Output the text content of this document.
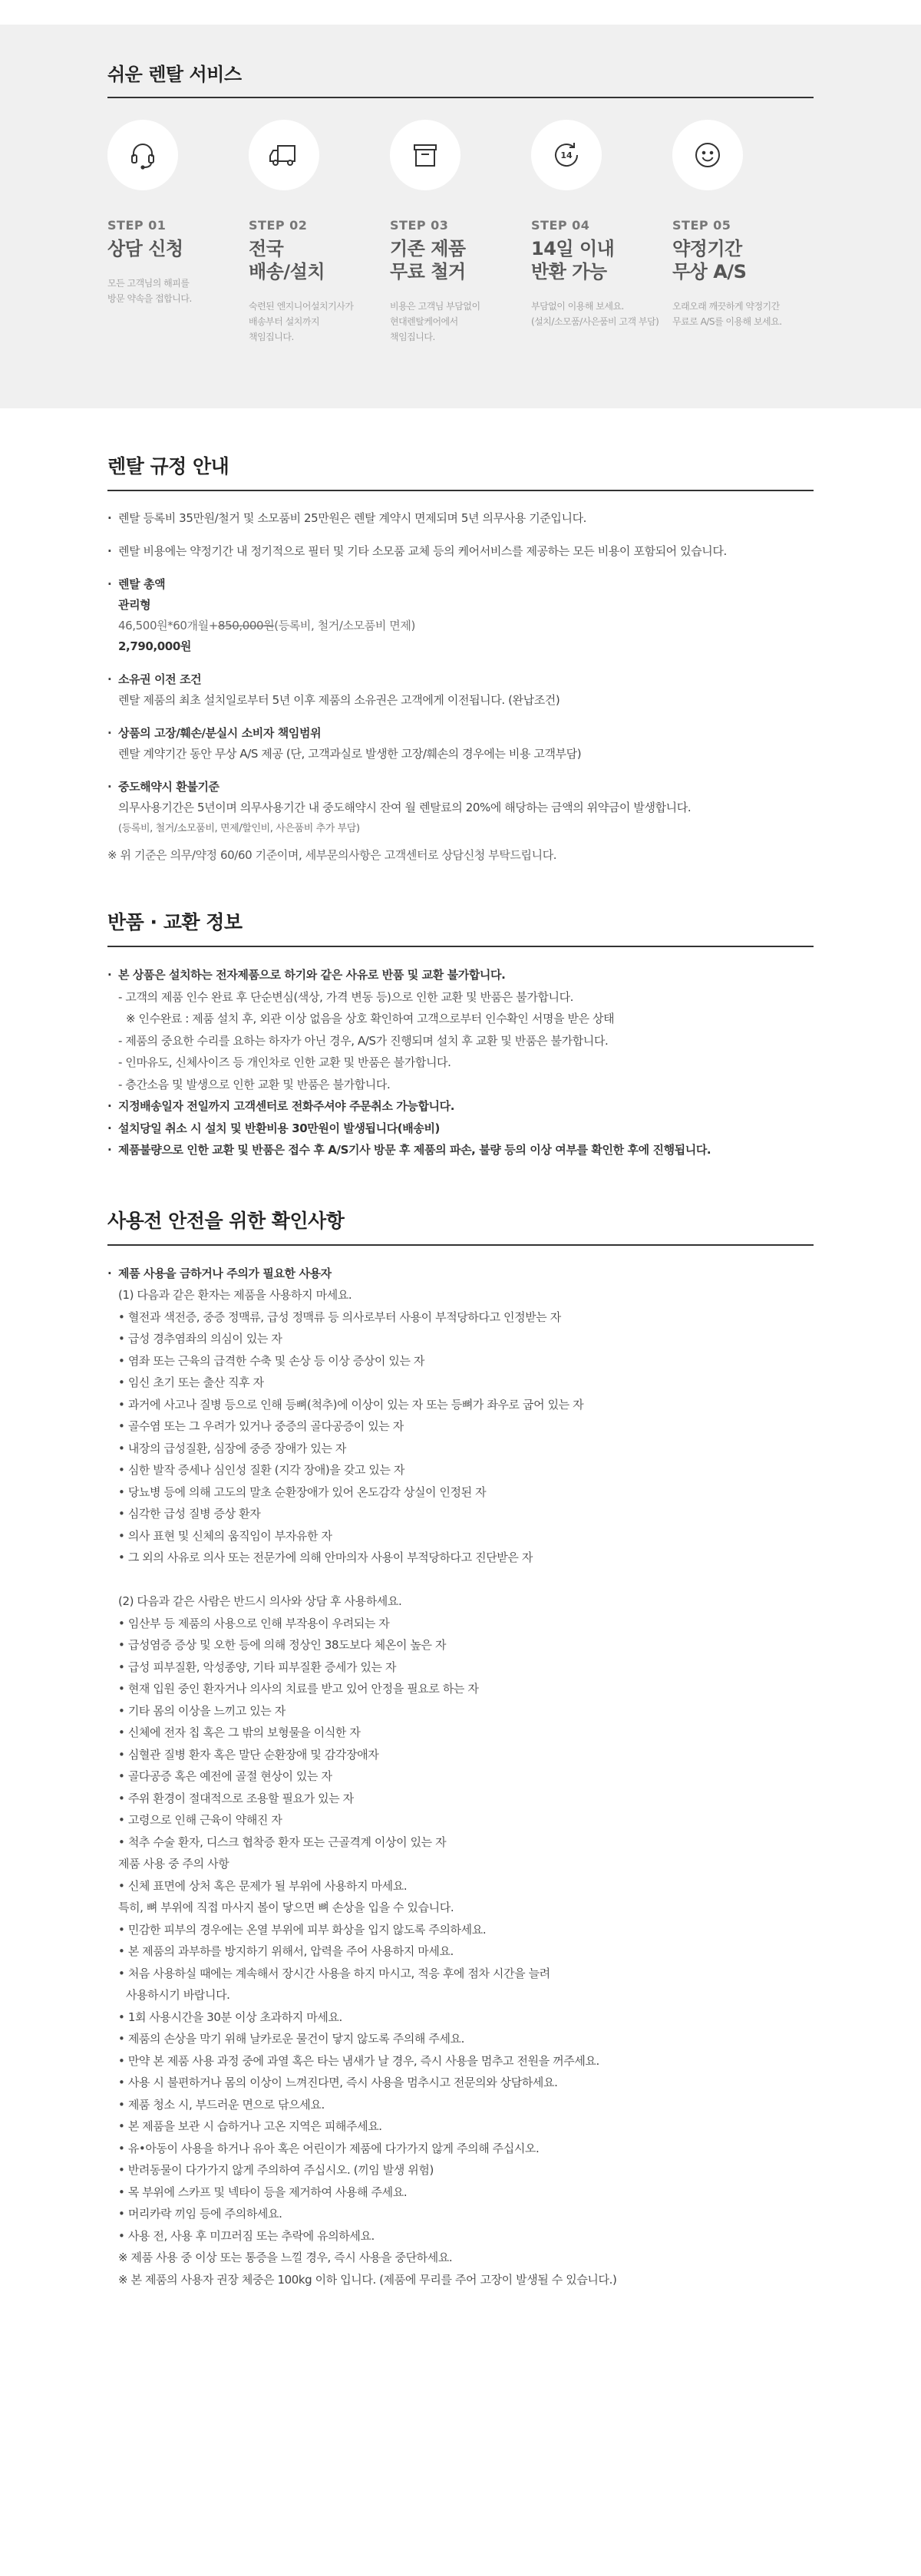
쉬운 렌탈 서비스
STEP 01
상담 신청
모든 고객님의 해피를
방문 약속을 접합니다.
STEP 02
전국
배송/설치
숙련된 엔지니어설치기사가
배송부터 설치까지
책임집니다.
STEP 03
기존 제품
무료 철거
비용은 고객님 부담없이
현대렌탈케어에서
책임집니다.
14
STEP 04
14일 이내
반환 가능
부담없이 이용해 보세요.
(설치/소모품/사은품비 고객 부담)
STEP 05
약정기간
무상 A/S
오래오래 깨끗하게 약정기간
무료로 A/S를 이용해 보세요.
렌탈 규정 안내
· 렌탈 등록비 35만원/철거 및 소모품비 25만원은 렌탈 계약시 면제되며 5년 의무사용 기준입니다.
· 렌탈 비용에는 약정기간 내 정기적으로 필터 및 기타 소모품 교체 등의 케어서비스를 제공하는 모든 비용이 포함되어 있습니다.
· 렌탈 총액
관리형
46,500원*60개월+850,000원(등록비, 철거/소모품비 면제)
2,790,000원
· 소유권 이전 조건
렌탈 제품의 최초 설치일로부터 5년 이후 제품의 소유권은 고객에게 이전됩니다. (완납조건)
· 상품의 고장/훼손/분실시 소비자 책임범위
렌탈 계약기간 동안 무상 A/S 제공 (단, 고객과실로 발생한 고장/훼손의 경우에는 비용 고객부담)
· 중도해약시 환불기준
의무사용기간은 5년이며 의무사용기간 내 중도해약시 잔여 월 렌탈료의 20%에 해당하는 금액의 위약금이 발생합니다.
(등록비, 철거/소모품비, 면제/할인비, 사은품비 추가 부담)

※ 위 기준은 의무/약정 60/60 기준이며, 세부문의사항은 고객센터로 상담신청 부탁드립니다.

반품 · 교환 정보
· 본 상품은 설치하는 전자제품으로 하기와 같은 사유로 반품 및 교환 불가합니다.
- 고객의 제품 인수 완료 후 단순변심(색상, 가격 변동 등)으로 인한 교환 및 반품은 불가합니다.
※ 인수완료 : 제품 설치 후, 외관 이상 없음을 상호 확인하여 고객으로부터 인수확인 서명을 받은 상태
- 제품의 중요한 수리를 요하는 하자가 아닌 경우, A/S가 진행되며 설치 후 교환 및 반품은 불가합니다.
- 인마유도, 신체사이즈 등 개인차로 인한 교환 및 반품은 불가합니다.
- 층간소음 및 발생으로 인한 교환 및 반품은 불가합니다.
· 지정배송일자 전일까지 고객센터로 전화주셔야 주문취소 가능합니다.
· 설치당일 취소 시 설치 및 반환비용 30만원이 발생됩니다(배송비)
· 제품불량으로 인한 교환 및 반품은 접수 후 A/S기사 방문 후 제품의 파손, 불량 등의 이상 여부를 확인한 후에 진행됩니다.
사용전 안전을 위한 확인사항
· 제품 사용을 금하거나 주의가 필요한 사용자
(1) 다음과 같은 환자는 제품을 사용하지 마세요.
• 혈전과 색전증, 중증 정맥류, 급성 정맥류 등 의사로부터 사용이 부적당하다고 인정받는 자
• 급성 경추염좌의 의심이 있는 자
• 염좌 또는 근육의 급격한 수축 및 손상 등 이상 증상이 있는 자
• 임신 초기 또는 출산 직후 자
• 과거에 사고나 질병 등으로 인해 등뼈(척추)에 이상이 있는 자 또는 등뼈가 좌우로 굽어 있는 자
• 골수염 또는 그 우려가 있거나 중증의 골다공증이 있는 자
• 내장의 급성질환, 심장에 중증 장애가 있는 자
• 심한 발작 증세나 심인성 질환 (지각 장애)을 갖고 있는 자
• 당뇨병 등에 의해 고도의 말초 순환장애가 있어 온도감각 상실이 인정된 자
• 심각한 급성 질병 증상 환자
• 의사 표현 및 신체의 움직임이 부자유한 자
• 그 외의 사유로 의사 또는 전문가에 의해 안마의자 사용이 부적당하다고 진단받은 자
(2) 다음과 같은 사람은 반드시 의사와 상담 후 사용하세요.
• 임산부 등 제품의 사용으로 인해 부작용이 우려되는 자
• 급성염증 증상 및 오한 등에 의해 정상인 38도보다 체온이 높은 자
• 급성 피부질환, 악성종양, 기타 피부질환 증세가 있는 자
• 현재 입원 중인 환자거나 의사의 치료를 받고 있어 안정을 필요로 하는 자
• 기타 몸의 이상을 느끼고 있는 자
• 신체에 전자 칩 혹은 그 밖의 보형물을 이식한 자
• 심혈관 질병 환자 혹은 말단 순환장애 및 감각장애자
• 골다공증 혹은 예전에 골절 현상이 있는 자
• 주위 환경이 절대적으로 조용할 필요가 있는 자
• 고령으로 인해 근육이 약해진 자
• 척추 수술 환자, 디스크 협착증 환자 또는 근골격계 이상이 있는 자
제품 사용 중 주의 사항
• 신체 표면에 상처 혹은 문제가 될 부위에 사용하지 마세요.
특히, 뼈 부위에 직접 마사지 볼이 닿으면 뼈 손상을 입을 수 있습니다.
• 민감한 피부의 경우에는 온열 부위에 피부 화상을 입지 않도록 주의하세요.
• 본 제품의 과부하를 방지하기 위해서, 압력을 주어 사용하지 마세요.
• 처음 사용하실 때에는 계속해서 장시간 사용을 하지 마시고, 적응 후에 점차 시간을 늘려
사용하시기 바랍니다.
• 1회 사용시간을 30분 이상 초과하지 마세요.
• 제품의 손상을 막기 위해 날카로운 물건이 닿지 않도록 주의해 주세요.
• 만약 본 제품 사용 과정 중에 과열 혹은 타는 냄새가 날 경우, 즉시 사용을 멈추고 전원을 꺼주세요.
• 사용 시 불편하거나 몸의 이상이 느껴진다면, 즉시 사용을 멈추시고 전문의와 상담하세요.
• 제품 청소 시, 부드러운 면으로 닦으세요.
• 본 제품을 보관 시 습하거나 고온 지역은 피해주세요.
• 유•아동이 사용을 하거나 유아 혹은 어린이가 제품에 다가가지 않게 주의해 주십시오.
• 반려동물이 다가가지 않게 주의하여 주십시오. (끼임 발생 위험)
• 목 부위에 스카프 및 넥타이 등을 제거하여 사용해 주세요.
• 머리카락 끼임 등에 주의하세요.
• 사용 전, 사용 후 미끄러짐 또는 추락에 유의하세요.
※ 제품 사용 중 이상 또는 통증을 느낄 경우, 즉시 사용을 중단하세요.
※ 본 제품의 사용자 권장 체중은 100kg 이하 입니다. (제품에 무리를 주어 고장이 발생될 수 있습니다.)
